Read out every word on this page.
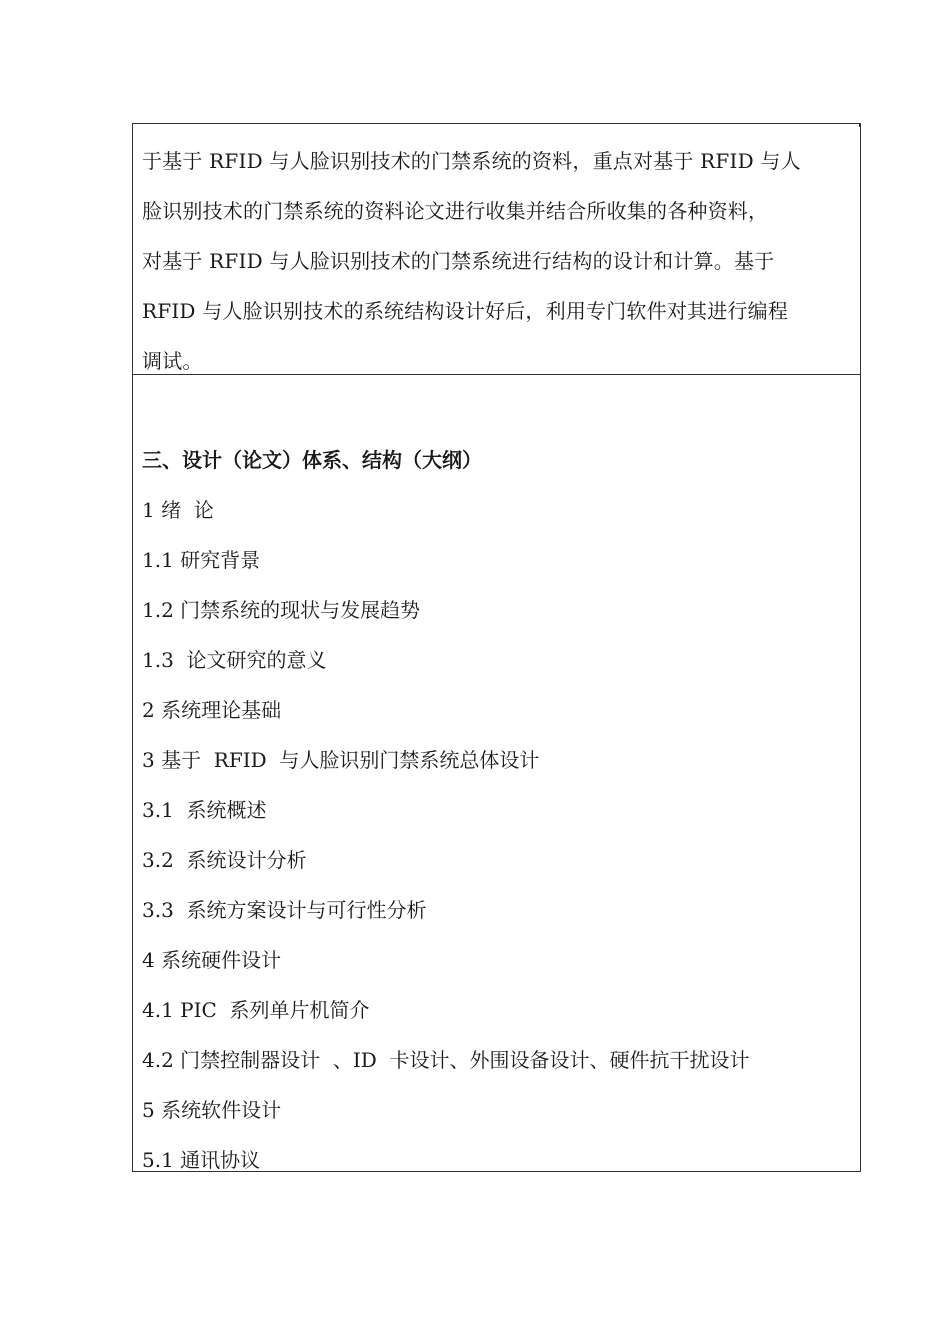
于基于 RFID 与人脸识别技术的门禁系统的资料，重点对基于 RFID 与人
脸识别技术的门禁系统的资料论文进行收集并结合所收集的各种资料，
对基于 RFID 与人脸识别技术的门禁系统进行结构的设计和计算。基于
RFID 与人脸识别技术的系统结构设计好后，利用专门软件对其进行编程
调试。
三、设计（论文）体系、结构（大纲）
1 绪  论
1.1 研究背景
1.2 门禁系统的现状与发展趋势
1.3  论文研究的意义
2 系统理论基础
3 基于  RFID  与人脸识别门禁系统总体设计
3.1  系统概述
3.2  系统设计分析
3.3  系统方案设计与可行性分析
4 系统硬件设计
4.1 PIC  系列单片机简介
4.2 门禁控制器设计  、ID  卡设计、外围设备设计、硬件抗干扰设计
5 系统软件设计
5.1 通讯协议
